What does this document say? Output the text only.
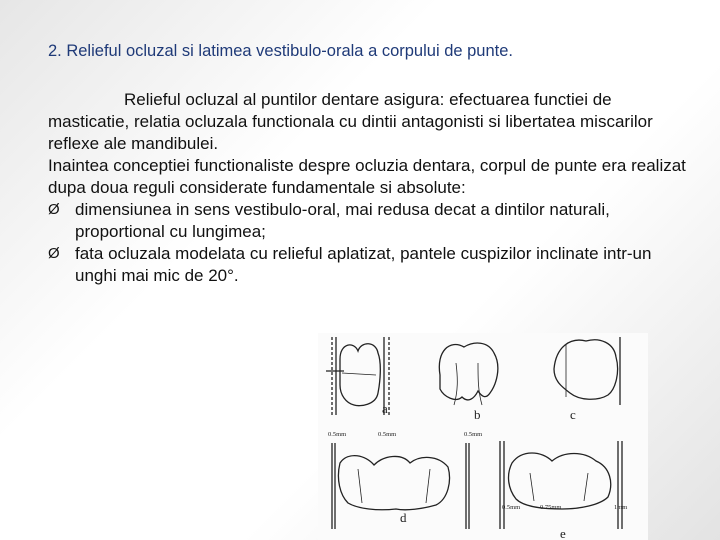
2. Relieful ocluzal si latimea vestibulo-orala a corpului de punte.

Relieful ocluzal al puntilor dentare asigura: efectuarea functiei de masticatie, relatia ocluzala functionala cu dintii antagonisti si libertatea miscarilor reflexe ale mandibulei.

Inaintea conceptiei functionaliste despre ocluzia dentara, corpul de punte era realizat dupa doua reguli considerate fundamentale si absolute:

Ø dimensiunea in sens vestibulo-oral, mai redusa decat a dintilor naturali, proportional cu lungimea;
Ø fata ocluzala modelata cu relieful aplatizat, pantele cuspizilor inclinate intr-un unghi mai mic de 20°.
a	b	c
d
e
0.5mm	0.5mm	0.5mm
0.5mm	0.75mm	1mm
